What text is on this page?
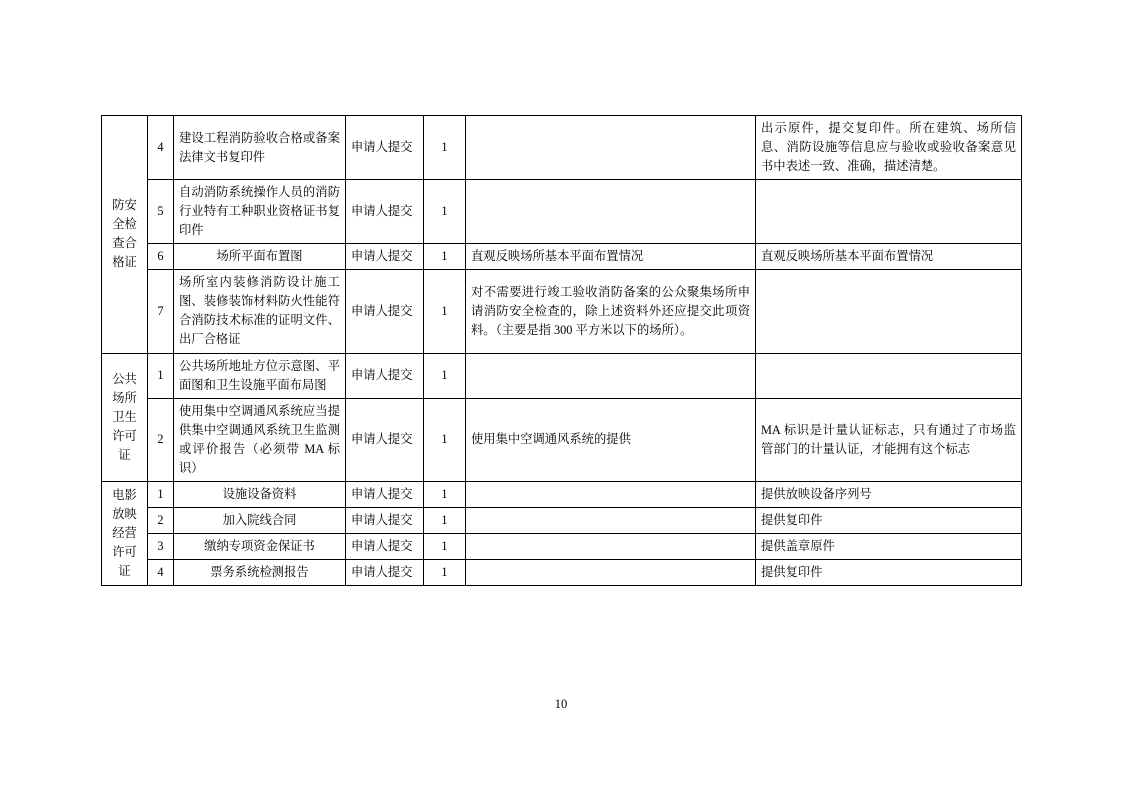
防安全检查合格证	4	建设工程消防验收合格或备案法律文书复印件	申请人提交	1		出示原件，提交复印件。所在建筑、场所信息、消防设施等信息应与验收或验收备案意见书中表述一致、准确，描述清楚。
	5	自动消防系统操作人员的消防行业特有工种职业资格证书复印件	申请人提交	1		
	6	场所平面布置图	申请人提交	1	直观反映场所基本平面布置情况	直观反映场所基本平面布置情况
	7	场所室内装修消防设计施工图、装修装饰材料防火性能符合消防技术标准的证明文件、出厂合格证	申请人提交	1	对不需要进行竣工验收消防备案的公众聚集场所申请消防安全检查的，除上述资料外还应提交此项资料。（主要是指 300 平方米以下的场所）。	
公共场所卫生许可证	1	公共场所地址方位示意图、平面图和卫生设施平面布局图	申请人提交	1		
	2	使用集中空调通风系统应当提供集中空调通风系统卫生监测或评价报告（必须带 MA 标识）	申请人提交	1	使用集中空调通风系统的提供	MA 标识是计量认证标志，只有通过了市场监管部门的计量认证，才能拥有这个标志
电影放映经营许可证	1	设施设备资料	申请人提交	1		提供放映设备序列号
	2	加入院线合同	申请人提交	1		提供复印件
	3	缴纳专项资金保证书	申请人提交	1		提供盖章原件
	4	票务系统检测报告	申请人提交	1		提供复印件
10
